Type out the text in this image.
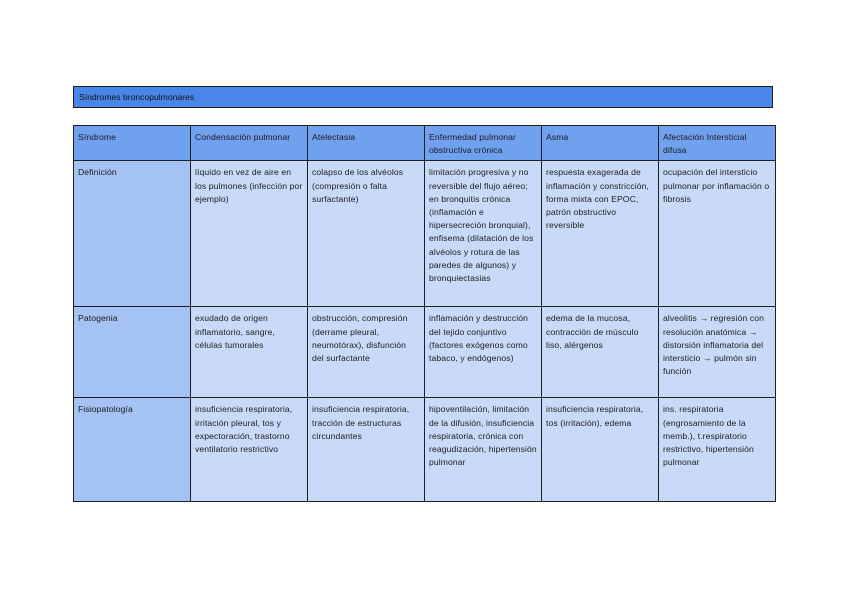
Síndromes broncopulmonares
Síndrome	Condensación pulmonar	Atelectasia	Enfermedad pulmonar obstructiva crónica	Asma	Afectación Intersticial difusa
Definición	líquido en vez de aire en los pulmones (infección por ejemplo)	colapso de los alvéolos (compresión o falta surfactante)	limitación progresiva y no reversible del flujo aéreo; en bronquitis crónica (inflamación e hipersecreción bronquial), enfisema (dilatación de los alvéolos y rotura de las paredes de algunos) y bronquiectasias	respuesta exagerada de inflamación y constricción, forma mixta con EPOC, patrón obstructivo reversible	ocupación del intersticio pulmonar por inflamación o fibrosis
Patogenia	exudado de origen inflamatorio, sangre, células tumorales	obstrucción, compresión (derrame pleural, neumotórax), disfunción del surfactante	inflamación y destrucción del tejido conjuntivo (factores exógenos como tabaco, y endógenos)	edema de la mucosa, contracción de músculo liso, alérgenos	alveolitis → regresión con resolución anatómica → distorsión inflamatoria del intersticio → pulmón sin función
Fisiopatología	insuficiencia respiratoria, irritación pleural, tos y expectoración, trastorno ventilatorio restrictivo	insuficiencia respiratoria, tracción de estructuras circundantes	hipoventilación, limitación de la difusión, insuficiencia respiratoria, crónica con reagudización, hipertensión pulmonar	insuficiencia respiratoria, tos (irritación), edema	ins. respiratoria (engrosamiento de la memb.), t.respiratorio restrictivo, hipertensión pulmonar
